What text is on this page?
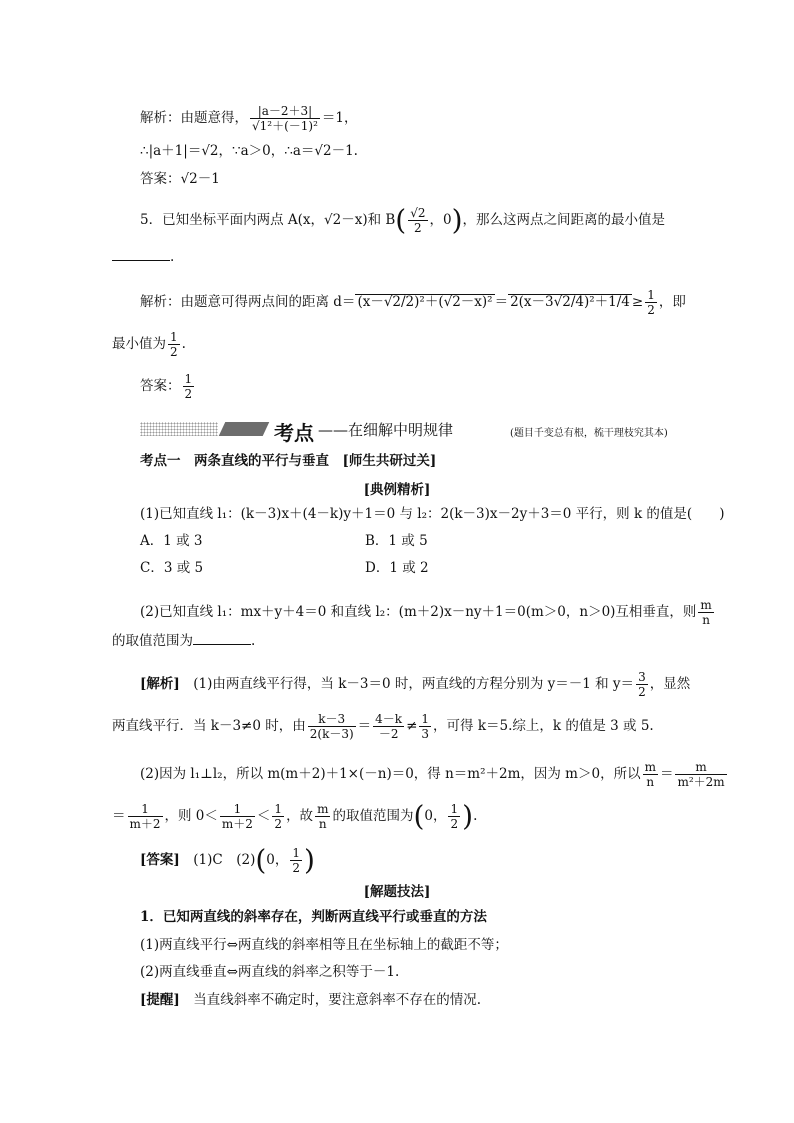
解析：由题意得， $\frac{|a-2+3|}{\text{√1²＋(－1)²}} =1$，
∴|a＋1|＝√2，∵a＞0，∴a＝√2－1.
答案：√2－1
5．已知坐标平面内两点 A(x，√2－x)和 $B( \frac{√2}{2}$ ，0)，那么这两点之间距离的最小值是
.
解析：由题意可得两点间的距离 $d= (x-√2/2)^2+(√2-x)^2 = 2(x-3√2/4)^2+1/4 \ge \frac{1}{2}$ ，即
最小值为 $\frac{1}{2}$ .
答案： $\frac{1}{2}$
考点 ——在细解中明规律	(题目千变总有根，梳干理枝究其本)
考点一　两条直线的平行与垂直　[师生共研过关]
[典例精析]
(1)已知直线 l₁：(k－3)x＋(4－k)y＋1＝0 与 l₂：2(k－3)x－2y＋3＝0 平行，则 k 的值是(　　)
A．1 或 3	B．1 或 5
C．3 或 5	D．1 或 2
(2)已知直线 l₁：mx＋y＋4＝0 和直线 l₂：(m＋2)x－ny＋1＝0(m＞0，n＞0)互相垂直，则 $\frac{m}{n}$
的取值范围为	.
[解析]　(1)由两直线平行得，当 k－3＝0 时，两直线的方程分别为 y＝－1 和 $y= \frac{3}{2}$ ，显然
两直线平行．当 k－3≠0 时，由 $\frac{k-3}{2(k-3)} = \frac{4-k}{-2} \ne \frac{1}{3}$ ，可得 k＝5.综上，k 的值是 3 或 5.
(2)因为 l₁⊥l₂，所以 m(m＋2)＋1×(－n)＝0，得 n＝m²＋2m，因为 m＞0，所以 $\frac{m}{n} = \frac{m}{\text{m²＋2m}}$
＝ $\frac{1}{m+2}$ ，则 $0< \frac{1}{m+2} < \frac{1}{2}$ ，故 $\frac{m}{n}$ 的取值范围为(0， $\frac{1}{2}$ ).
[答案]　(1)C　(2)(0， $\frac{1}{2}$ )
[解题技法]
1．已知两直线的斜率存在，判断两直线平行或垂直的方法
(1)两直线平行⇔两直线的斜率相等且在坐标轴上的截距不等；
(2)两直线垂直⇔两直线的斜率之积等于－1.
[提醒]　当直线斜率不确定时，要注意斜率不存在的情况.
